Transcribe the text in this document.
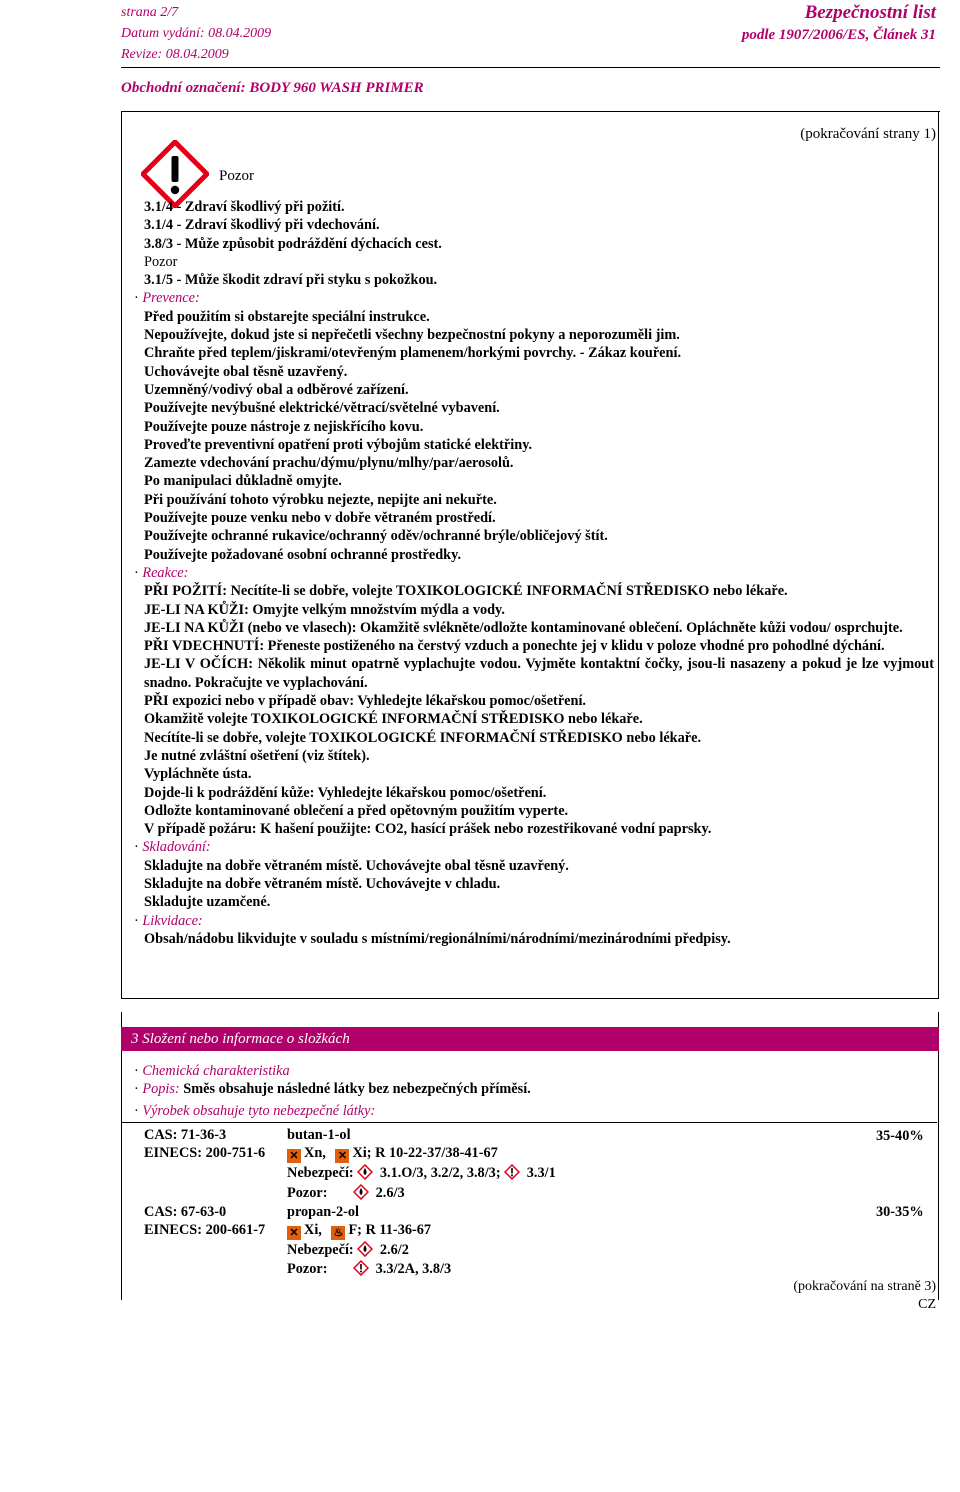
strana 2/7
Datum vydání: 08.04.2009
Revize: 08.04.2009
Bezpečnostní list
podle 1907/2006/ES, Článek 31
Obchodní označení: BODY 960 WASH PRIMER
(pokračování strany 1)
Pozor
3.1/4 - Zdraví škodlivý při požití.
3.1/4 - Zdraví škodlivý při vdechování.
3.8/3 - Může způsobit podráždění dýchacích cest.
Pozor
3.1/5 - Může škodit zdraví při styku s pokožkou.
· Prevence:
Před použitím si obstarejte speciální instrukce.
Nepoužívejte, dokud jste si nepřečetli všechny bezpečnostní pokyny a neporozuměli jim.
Chraňte před teplem/jiskrami/otevřeným plamenem/horkými povrchy. - Zákaz kouření.
Uchovávejte obal těsně uzavřený.
Uzemněný/vodivý obal a odběrové zařízení.
Používejte nevýbušné elektrické/větrací/světelné vybavení.
Používejte pouze nástroje z nejiskřícího kovu.
Proveďte preventivní opatření proti výbojům statické elektřiny.
Zamezte vdechování prachu/dýmu/plynu/mlhy/par/aerosolů.
Po manipulaci důkladně omyjte.
Při používání tohoto výrobku nejezte, nepijte ani nekuřte.
Používejte pouze venku nebo v dobře větraném prostředí.
Používejte ochranné rukavice/ochranný oděv/ochranné brýle/obličejový štít.
Používejte požadované osobní ochranné prostředky.
· Reakce:
PŘI POŽITÍ: Necítíte-li se dobře, volejte TOXIKOLOGICKÉ INFORMAČNÍ STŘEDISKO nebo lékaře.
JE-LI NA KŮŽI: Omyjte velkým množstvím mýdla a vody.
JE-LI NA KŮŽI (nebo ve vlasech): Okamžitě svlékněte/odložte kontaminované oblečení. Opláchněte kůži vodou/ osprchujte.
PŘI VDECHNUTÍ: Přeneste postiženého na čerstvý vzduch a ponechte jej v klidu v poloze vhodné pro pohodlné dýchání.
JE-LI V OČÍCH: Několik minut opatrně vyplachujte vodou. Vyjměte kontaktní čočky, jsou-li nasazeny a pokud je lze vyjmout snadno. Pokračujte ve vyplachování.
PŘI expozici nebo v případě obav: Vyhledejte lékařskou pomoc/ošetření.
Okamžitě volejte TOXIKOLOGICKÉ INFORMAČNÍ STŘEDISKO nebo lékaře.
Necítíte-li se dobře, volejte TOXIKOLOGICKÉ INFORMAČNÍ STŘEDISKO nebo lékaře.
Je nutné zvláštní ošetření (viz štítek).
Vypláchněte ústa.
Dojde-li k podráždění kůže: Vyhledejte lékařskou pomoc/ošetření.
Odložte kontaminované oblečení a před opětovným použitím vyperte.
V případě požáru: K hašení použijte: CO2, hasící prášek nebo rozestřikované vodní paprsky.
· Skladování:
Skladujte na dobře větraném místě. Uchovávejte obal těsně uzavřený.
Skladujte na dobře větraném místě. Uchovávejte v chladu.
Skladujte uzamčené.
· Likvidace:
Obsah/nádobu likvidujte v souladu s místními/regionálními/národními/mezinárodními předpisy.
3 Složení nebo informace o složkách
· Chemická charakteristika
· Popis: Směs obsahuje následné látky bez nebezpečných příměsí.
· Výrobek obsahuje tyto nebezpečné látky:
CAS: 71-36-3
EINECS: 200-751-6
butan-1-ol
✕ Xn, ✕ Xi; R 10-22-37/38-41-67
Nebezpečí: 3.1.O/3, 3.2/2, 3.8/3; 3.3/1
Pozor:	2.6/3
35-40%
CAS: 67-63-0
EINECS: 200-661-7
propan-2-ol
✕ Xi, ♨ F; R 11-36-67
Nebezpečí: 2.6/2
Pozor:	3.3/2A, 3.8/3
30-35%
(pokračování na straně 3)
CZ
